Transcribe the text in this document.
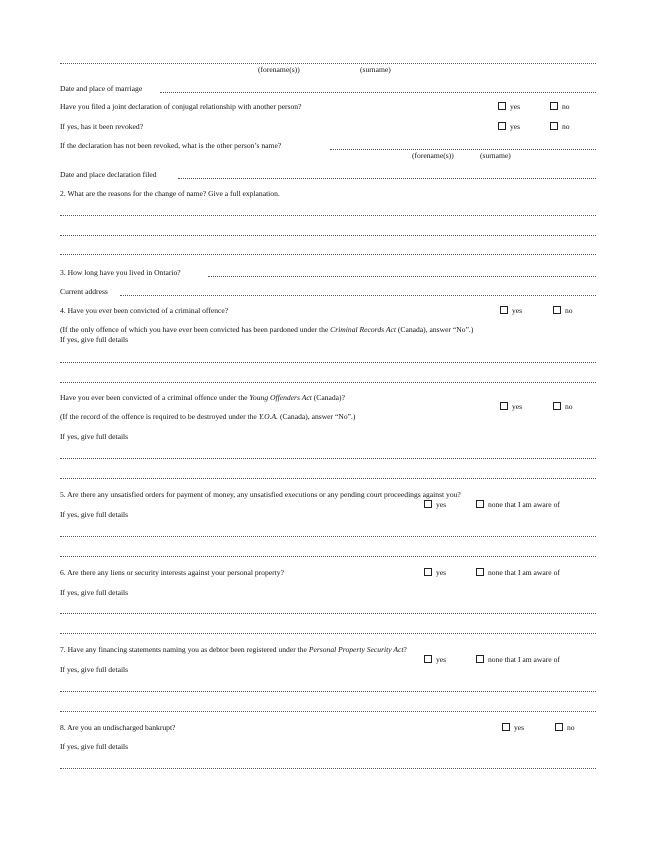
(forename(s))	(surname)
Date and place of marriage
Have you filed a joint declaration of conjugal relationship with another person?	yes	no
If yes, has it been revoked?	yes	no
If the declaration has not been revoked, what is the other person’s name?
(forename(s))	(surname)
Date and place declaration filed
2. What are the reasons for the change of name? Give a full explanation.
3. How long have you lived in Ontario?
Current address
4. Have you ever been convicted of a criminal offence?	yes	no
(If the only offence of which you have ever been convicted has been pardoned under the Criminal Records Act (Canada), answer “No”.)
If yes, give full details
Have you ever been convicted of a criminal offence under the Young Offenders Act (Canada)?
yes	no
(If the record of the offence is required to be destroyed under the Y.O.A. (Canada), answer “No”.)
If yes, give full details
5. Are there any unsatisfied orders for payment of money, any unsatisfied executions or any pending court proceedings against you?
yes	none that I am aware of
If yes, give full details
6. Are there any liens or security interests against your personal property?	yes	none that I am aware of
If yes, give full details
7. Have any financing statements naming you as debtor been registered under the Personal Property Security Act?
yes	none that I am aware of
If yes, give full details
8. Are you an undischarged bankrupt?	yes	no
If yes, give full details
